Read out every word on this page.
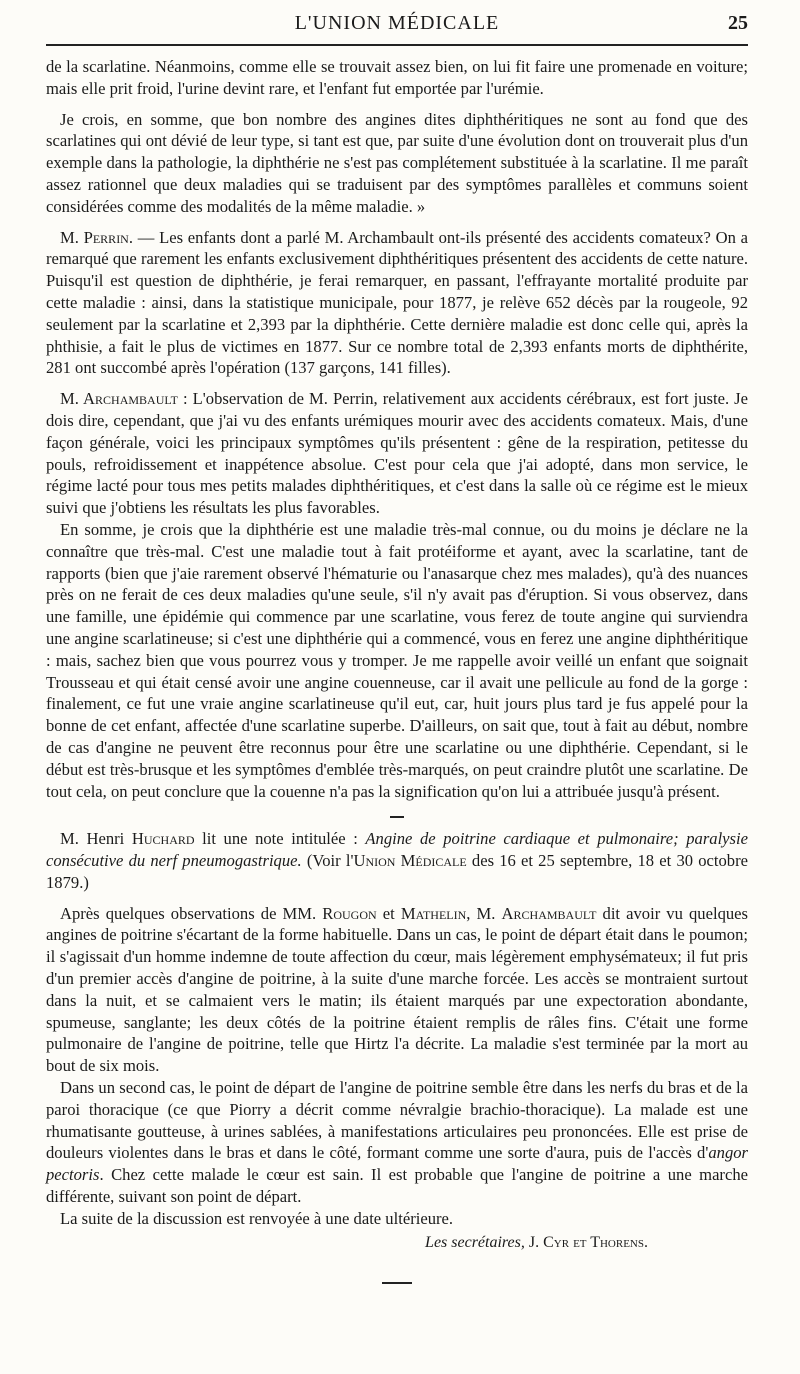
L'UNION MÉDICALE	25

de la scarlatine. Néanmoins, comme elle se trouvait assez bien, on lui fit faire une promenade en voiture; mais elle prit froid, l'urine devint rare, et l'enfant fut emportée par l'urémie.

Je crois, en somme, que bon nombre des angines dites diphthéritiques ne sont au fond que des scarlatines qui ont dévié de leur type, si tant est que, par suite d'une évolution dont on trouverait plus d'un exemple dans la pathologie, la diphthérie ne s'est pas complétement substituée à la scarlatine. Il me paraît assez rationnel que deux maladies qui se traduisent par des symptômes parallèles et communs soient considérées comme des modalités de la même maladie. »

M. Perrin. — Les enfants dont a parlé M. Archambault ont-ils présenté des accidents comateux? On a remarqué que rarement les enfants exclusivement diphthéritiques présentent des accidents de cette nature. Puisqu'il est question de diphthérie, je ferai remarquer, en passant, l'effrayante mortalité produite par cette maladie : ainsi, dans la statistique municipale, pour 1877, je relève 652 décès par la rougeole, 92 seulement par la scarlatine et 2,393 par la diphthérie. Cette dernière maladie est donc celle qui, après la phthisie, a fait le plus de victimes en 1877. Sur ce nombre total de 2,393 enfants morts de diphthérite, 281 ont succombé après l'opération (137 garçons, 141 filles).

M. Archambault : L'observation de M. Perrin, relativement aux accidents cérébraux, est fort juste. Je dois dire, cependant, que j'ai vu des enfants urémiques mourir avec des accidents comateux. Mais, d'une façon générale, voici les principaux symptômes qu'ils présentent : gêne de la respiration, petitesse du pouls, refroidissement et inappétence absolue. C'est pour cela que j'ai adopté, dans mon service, le régime lacté pour tous mes petits malades diphthéritiques, et c'est dans la salle où ce régime est le mieux suivi que j'obtiens les résultats les plus favorables.

En somme, je crois que la diphthérie est une maladie très-mal connue, ou du moins je déclare ne la connaître que très-mal. C'est une maladie tout à fait protéiforme et ayant, avec la scarlatine, tant de rapports (bien que j'aie rarement observé l'hématurie ou l'anasarque chez mes malades), qu'à des nuances près on ne ferait de ces deux maladies qu'une seule, s'il n'y avait pas d'éruption. Si vous observez, dans une famille, une épidémie qui commence par une scarlatine, vous ferez de toute angine qui surviendra une angine scarlatineuse; si c'est une diphthérie qui a commencé, vous en ferez une angine diphthéritique : mais, sachez bien que vous pourrez vous y tromper. Je me rappelle avoir veillé un enfant que soignait Trousseau et qui était censé avoir une angine couenneuse, car il avait une pellicule au fond de la gorge : finalement, ce fut une vraie angine scarlatineuse qu'il eut, car, huit jours plus tard je fus appelé pour la bonne de cet enfant, affectée d'une scarlatine superbe. D'ailleurs, on sait que, tout à fait au début, nombre de cas d'angine ne peuvent être reconnus pour être une scarlatine ou une diphthérie. Cependant, si le début est très-brusque et les symptômes d'emblée très-marqués, on peut craindre plutôt une scarlatine. De tout cela, on peut conclure que la couenne n'a pas la signification qu'on lui a attribuée jusqu'à présent.

M. Henri Huchard lit une note intitulée : Angine de poitrine cardiaque et pulmonaire; paralysie consécutive du nerf pneumogastrique. (Voir l'Union Médicale des 16 et 25 septembre, 18 et 30 octobre 1879.)

Après quelques observations de MM. Rougon et Mathelin, M. Archambault dit avoir vu quelques angines de poitrine s'écartant de la forme habituelle. Dans un cas, le point de départ était dans le poumon; il s'agissait d'un homme indemne de toute affection du cœur, mais légèrement emphysémateux; il fut pris d'un premier accès d'angine de poitrine, à la suite d'une marche forcée. Les accès se montraient surtout dans la nuit, et se calmaient vers le matin; ils étaient marqués par une expectoration abondante, spumeuse, sanglante; les deux côtés de la poitrine étaient remplis de râles fins. C'était une forme pulmonaire de l'angine de poitrine, telle que Hirtz l'a décrite. La maladie s'est terminée par la mort au bout de six mois.

Dans un second cas, le point de départ de l'angine de poitrine semble être dans les nerfs du bras et de la paroi thoracique (ce que Piorry a décrit comme névralgie brachio-thoracique). La malade est une rhumatisante goutteuse, à urines sablées, à manifestations articulaires peu prononcées. Elle est prise de douleurs violentes dans le bras et dans le côté, formant comme une sorte d'aura, puis de l'accès d'angor pectoris. Chez cette malade le cœur est sain. Il est probable que l'angine de poitrine a une marche différente, suivant son point de départ.

La suite de la discussion est renvoyée à une date ultérieure.

Les secrétaires, J. Cyr et Thorens.
